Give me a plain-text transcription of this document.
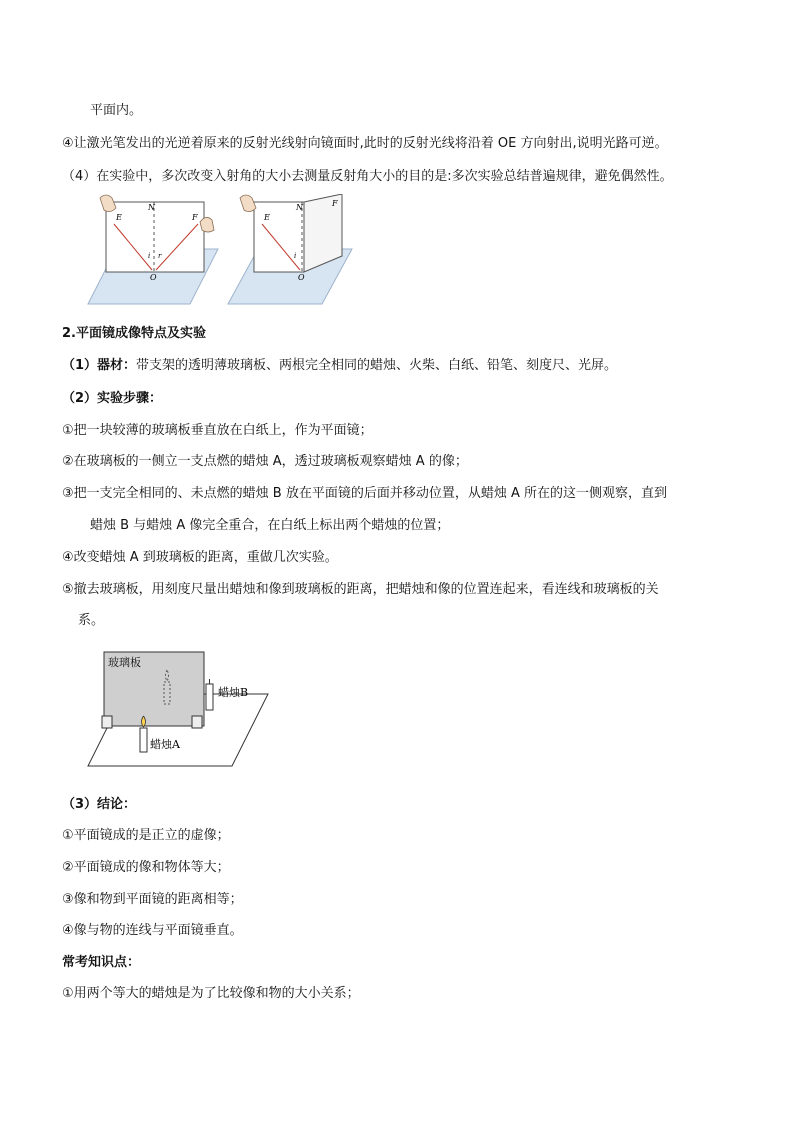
平面内。
④让激光笔发出的光逆着原来的反射光线射向镜面时,此时的反射光线将沿着 OE 方向射出,说明光路可逆。
（4）在实验中，多次改变入射角的大小去测量反射角大小的目的是:多次实验总结普遍规律，避免偶然性。
E
N
F
O
i r
E
N	F
O
i
2.平面镜成像特点及实验
（1）器材：带支架的透明薄玻璃板、两根完全相同的蜡烛、火柴、白纸、铅笔、刻度尺、光屏。
（2）实验步骤：
①把一块较薄的玻璃板垂直放在白纸上，作为平面镜；
②在玻璃板的一侧立一支点燃的蜡烛 A，透过玻璃板观察蜡烛 A 的像；
③把一支完全相同的、未点燃的蜡烛 B 放在平面镜的后面并移动位置，从蜡烛 A 所在的这一侧观察，直到
蜡烛 B 与蜡烛 A 像完全重合，在白纸上标出两个蜡烛的位置；
④改变蜡烛 A 到玻璃板的距离，重做几次实验。
⑤撤去玻璃板，用刻度尺量出蜡烛和像到玻璃板的距离，把蜡烛和像的位置连起来，看连线和玻璃板的关
系。
玻璃板
蜡烛B
蜡烛A
（3）结论：
①平面镜成的是正立的虚像；
②平面镜成的像和物体等大；
③像和物到平面镜的距离相等；
④像与物的连线与平面镜垂直。
常考知识点：
①用两个等大的蜡烛是为了比较像和物的大小关系；
